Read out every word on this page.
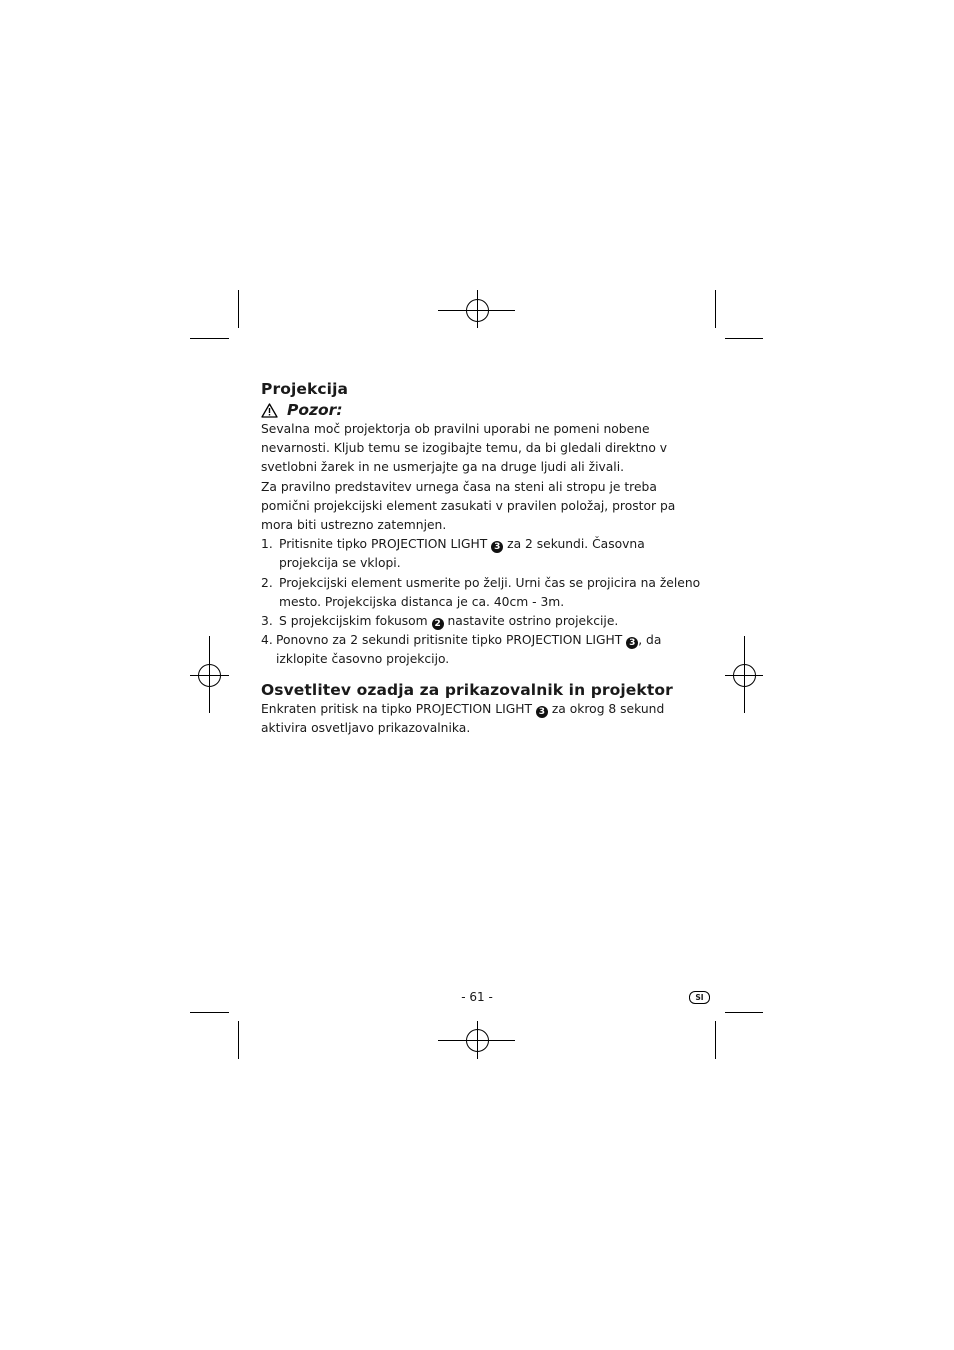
Projekcija
Pozor:

Sevalna moč projektorja ob pravilni uporabi ne pomeni nobene nevarnosti. Kljub temu se izogibajte temu, da bi gledali direktno v svetlobni žarek in ne usmerjajte ga na druge ljudi ali živali.

Za pravilno predstavitev urnega časa na steni ali stropu je treba pomični projekcijski element zasukati v pravilen položaj, prostor pa mora biti ustrezno zatemnjen.

1. Pritisnite tipko PROJECTION LIGHT 3 za 2 sekundi. Časovna projekcija se vklopi.
2. Projekcijski element usmerite po želji. Urni čas se projicira na želeno mesto. Projekcijska distanca je ca. 40cm - 3m.
3. S projekcijskim fokusom 2 nastavite ostrino projekcije.
4. Ponovno za 2 sekundi pritisnite tipko PROJECTION LIGHT 3 , da izklopite časovno projekcijo.
Osvetlitev ozadja za prikazovalnik in projektor

Enkraten pritisk na tipko PROJECTION LIGHT 3 za okrog 8 sekund aktivira osvetljavo prikazovalnika.

- 61 -	SI
